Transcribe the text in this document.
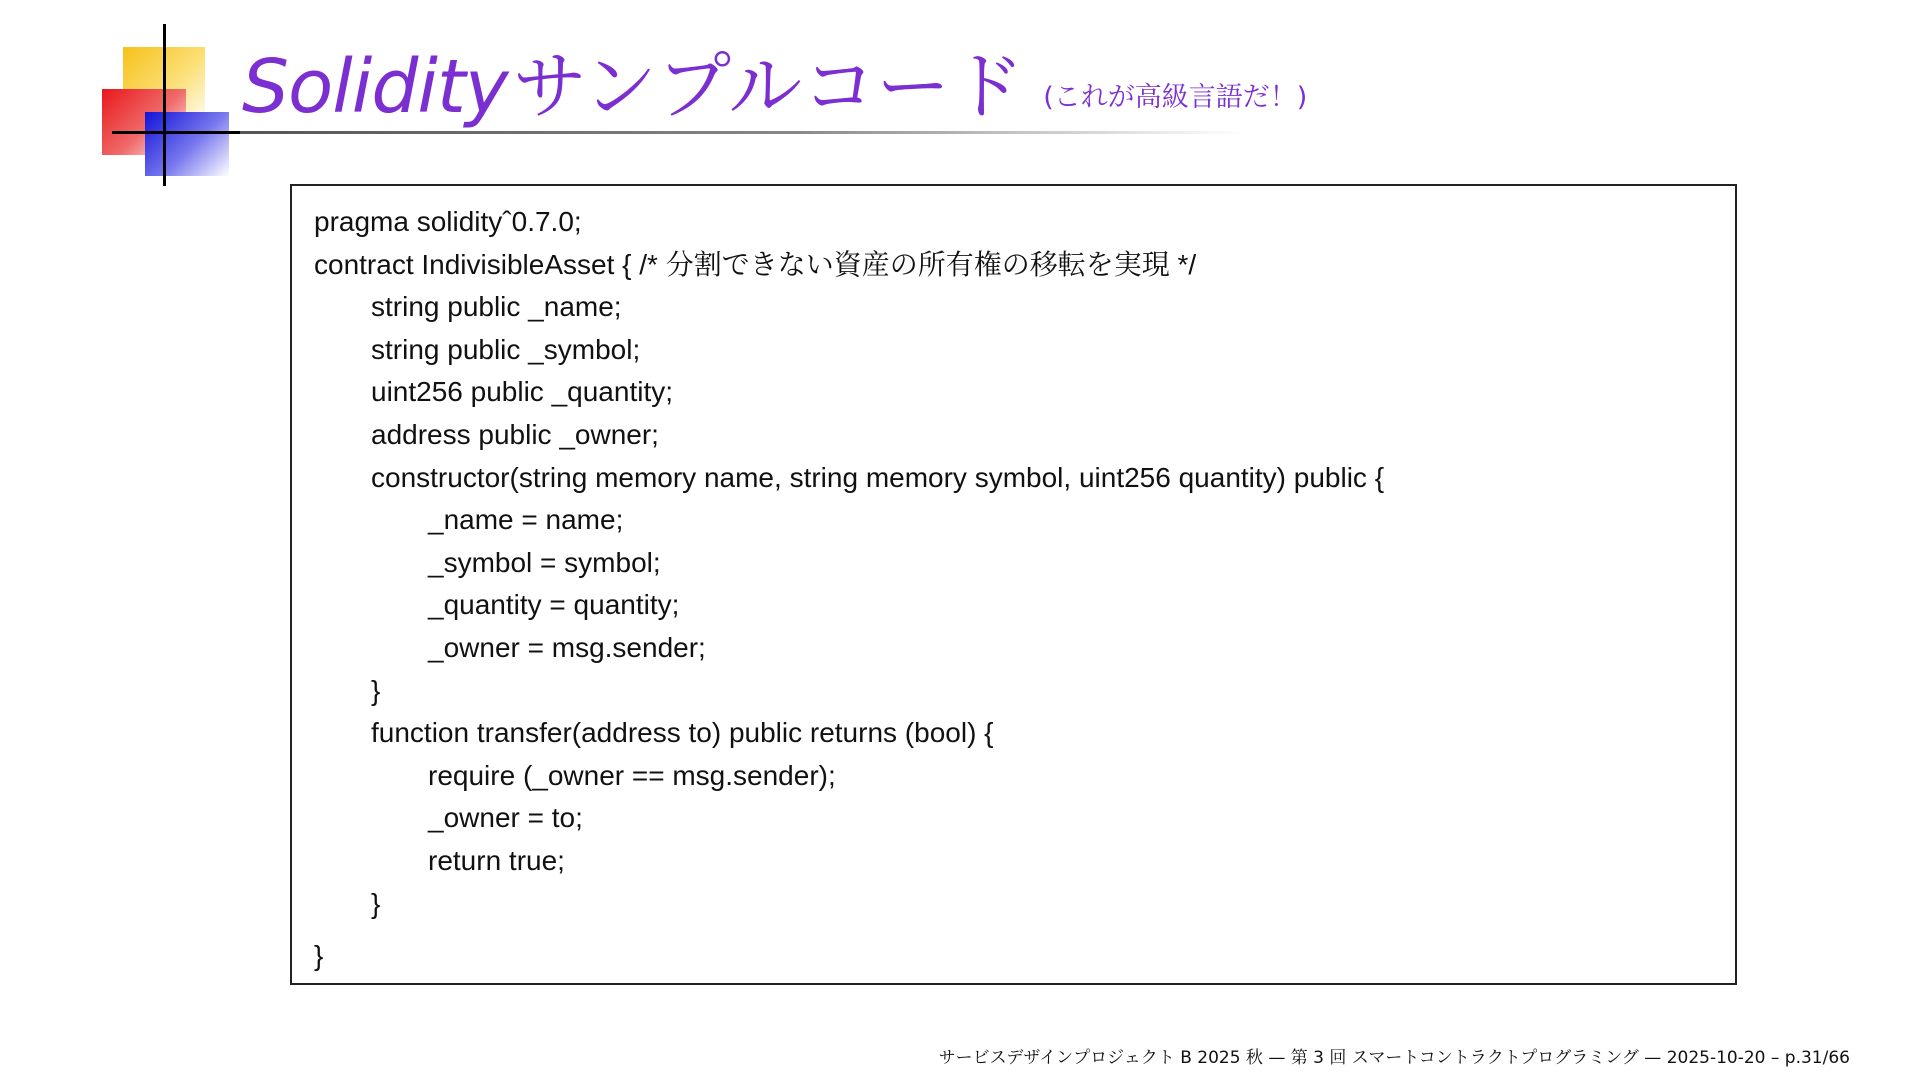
Solidity サンプルコード (これが高級言語だ！)
pragma solidityˆ0.7.0;
contract IndivisibleAsset { /* 分割できない資産の所有権の移転を実現 */
string public _name;
string public _symbol;
uint256 public _quantity;
address public _owner;
constructor(string memory name, string memory symbol, uint256 quantity) public {
_name = name;
_symbol = symbol;
_quantity = quantity;
_owner = msg.sender;
}
function transfer(address to) public returns (bool) {
require (_owner == msg.sender);
_owner = to;
return true;
}
}
サービスデザインプロジェクト B 2025 秋 — 第 3 回 スマートコントラクトプログラミング — 2025-10-20 – p.31/66
